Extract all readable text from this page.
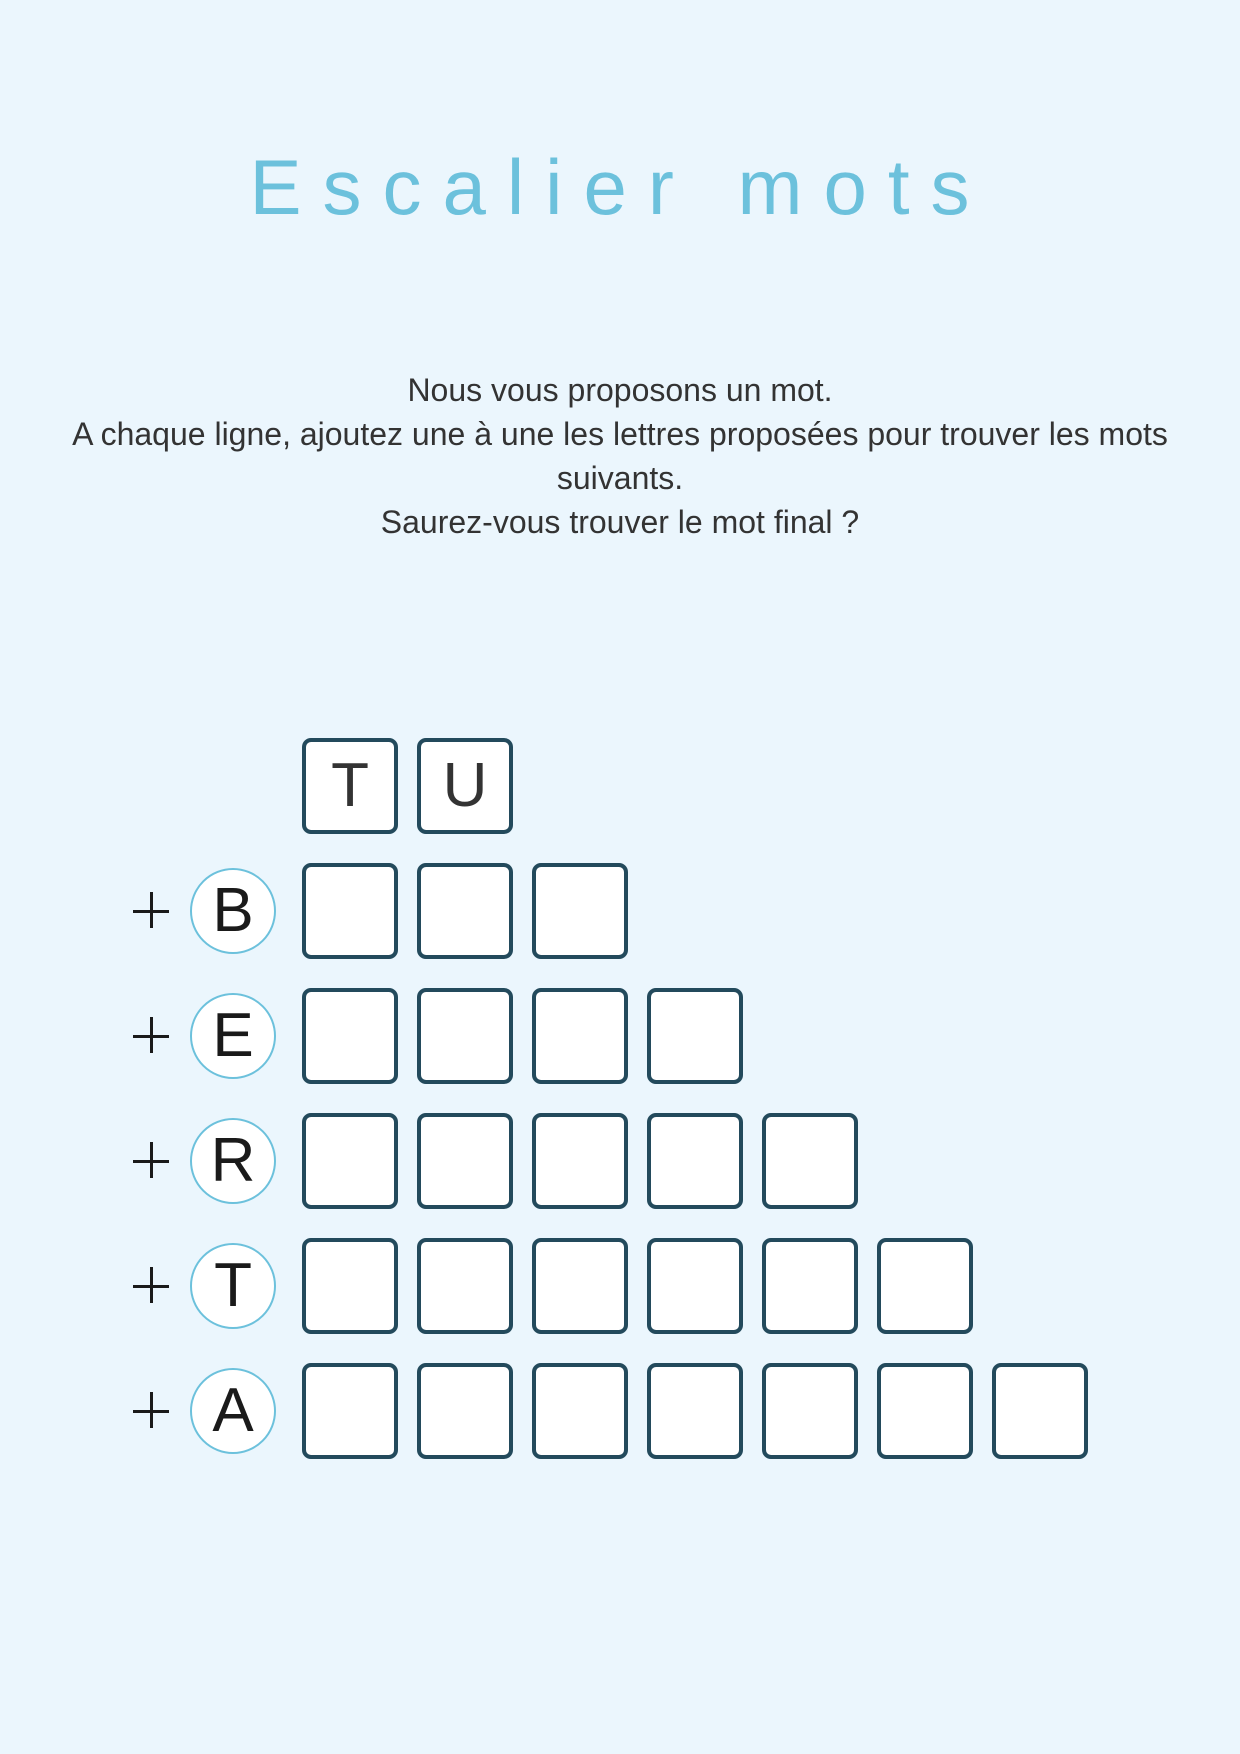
Escalier mots
Nous vous proposons un mot.
A chaque ligne, ajoutez une à une les lettres proposées pour trouver les mots suivants.
Saurez-vous trouver le mot final ?
T	U
B
E
R
T
A
